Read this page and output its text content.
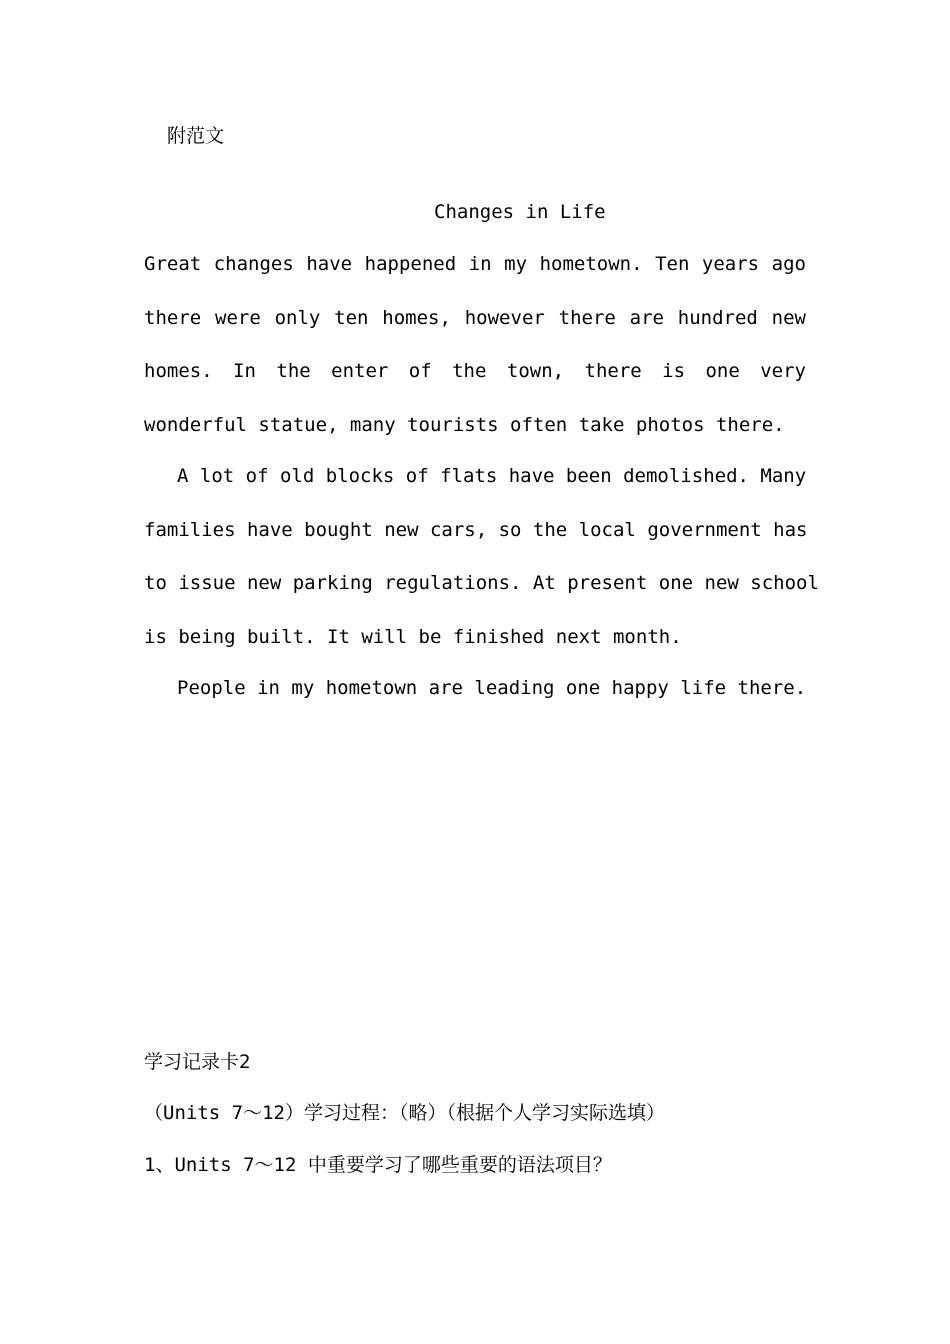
附范文
Changes in Life
Great changes have happened in my hometown. Ten years ago
there were only ten homes, however there are hundred new
homes. In the enter of the town, there is one very
wonderful statue, many tourists often take photos there.
A lot of old blocks of flats have been demolished. Many
families have bought new cars, so the local government has
to issue new parking regulations. At present one new school
is being built. It will be finished next month.
People in my hometown are leading one happy life there.
学习记录卡2
（Units 7～12）学习过程：（略）（根据个人学习实际选填）
1、Units 7～12 中重要学习了哪些重要的语法项目？
